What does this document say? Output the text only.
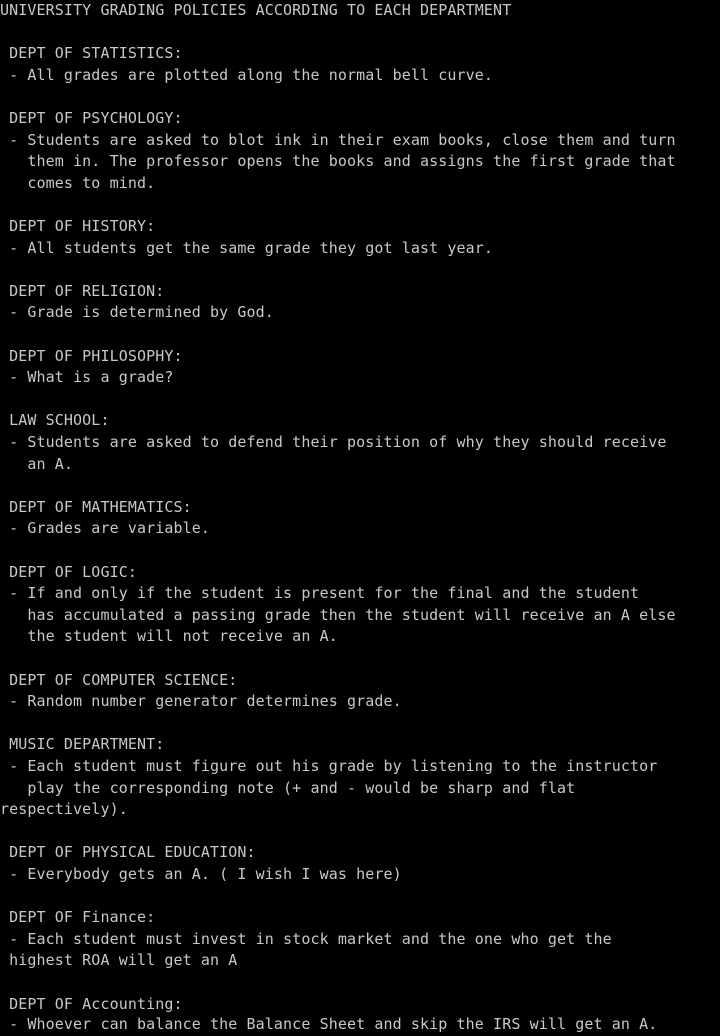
UNIVERSITY GRADING POLICIES ACCORDING TO EACH DEPARTMENT
DEPT OF STATISTICS:
- All grades are plotted along the normal bell curve.
DEPT OF PSYCHOLOGY:
- Students are asked to blot ink in their exam books, close them and turn
them in. The professor opens the books and assigns the first grade that
comes to mind.
DEPT OF HISTORY:
- All students get the same grade they got last year.
DEPT OF RELIGION:
- Grade is determined by God.
DEPT OF PHILOSOPHY:
- What is a grade?
LAW SCHOOL:
- Students are asked to defend their position of why they should receive
an A.
DEPT OF MATHEMATICS:
- Grades are variable.
DEPT OF LOGIC:
- If and only if the student is present for the final and the student
has accumulated a passing grade then the student will receive an A else
the student will not receive an A.
DEPT OF COMPUTER SCIENCE:
- Random number generator determines grade.
MUSIC DEPARTMENT:
- Each student must figure out his grade by listening to the instructor
play the corresponding note (+ and - would be sharp and flat
respectively).
DEPT OF PHYSICAL EDUCATION:
- Everybody gets an A. ( I wish I was here)
DEPT OF Finance:
- Each student must invest in stock market and the one who get the
highest ROA will get an A
DEPT OF Accounting:
- Whoever can balance the Balance Sheet and skip the IRS will get an A.
